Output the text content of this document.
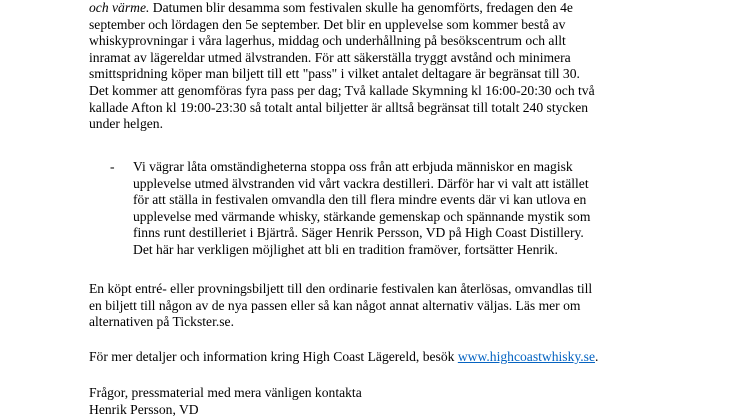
och värme. Datumen blir desamma som festivalen skulle ha genomförts, fredagen den 4e
september och lördagen den 5e september. Det blir en upplevelse som kommer bestå av
whiskyprovningar i våra lagerhus, middag och underhållning på besökscentrum och allt
inramat av lägereldar utmed älvstranden. För att säkerställa tryggt avstånd och minimera
smittspridning köper man biljett till ett "pass" i vilket antalet deltagare är begränsat till 30.
Det kommer att genomföras fyra pass per dag; Två kallade Skymning kl 16:00-20:30 och två
kallade Afton kl 19:00-23:30 så totalt antal biljetter är alltså begränsat till totalt 240 stycken
under helgen.
- Vi vägrar låta omständigheterna stoppa oss från att erbjuda människor en magisk
upplevelse utmed älvstranden vid vårt vackra destilleri. Därför har vi valt att istället
för att ställa in festivalen omvandla den till flera mindre events där vi kan utlova en
upplevelse med värmande whisky, stärkande gemenskap och spännande mystik som
finns runt destilleriet i Bjärtrå. Säger Henrik Persson, VD på High Coast Distillery.
Det här har verkligen möjlighet att bli en tradition framöver, fortsätter Henrik.
En köpt entré- eller provningsbiljett till den ordinarie festivalen kan återlösas, omvandlas till
en biljett till någon av de nya passen eller så kan något annat alternativ väljas. Läs mer om
alternativen på Tickster.se.
För mer detaljer och information kring High Coast Lägereld, besök www.highcoastwhisky.se.
Frågor, pressmaterial med mera vänligen kontakta
Henrik Persson, VD
